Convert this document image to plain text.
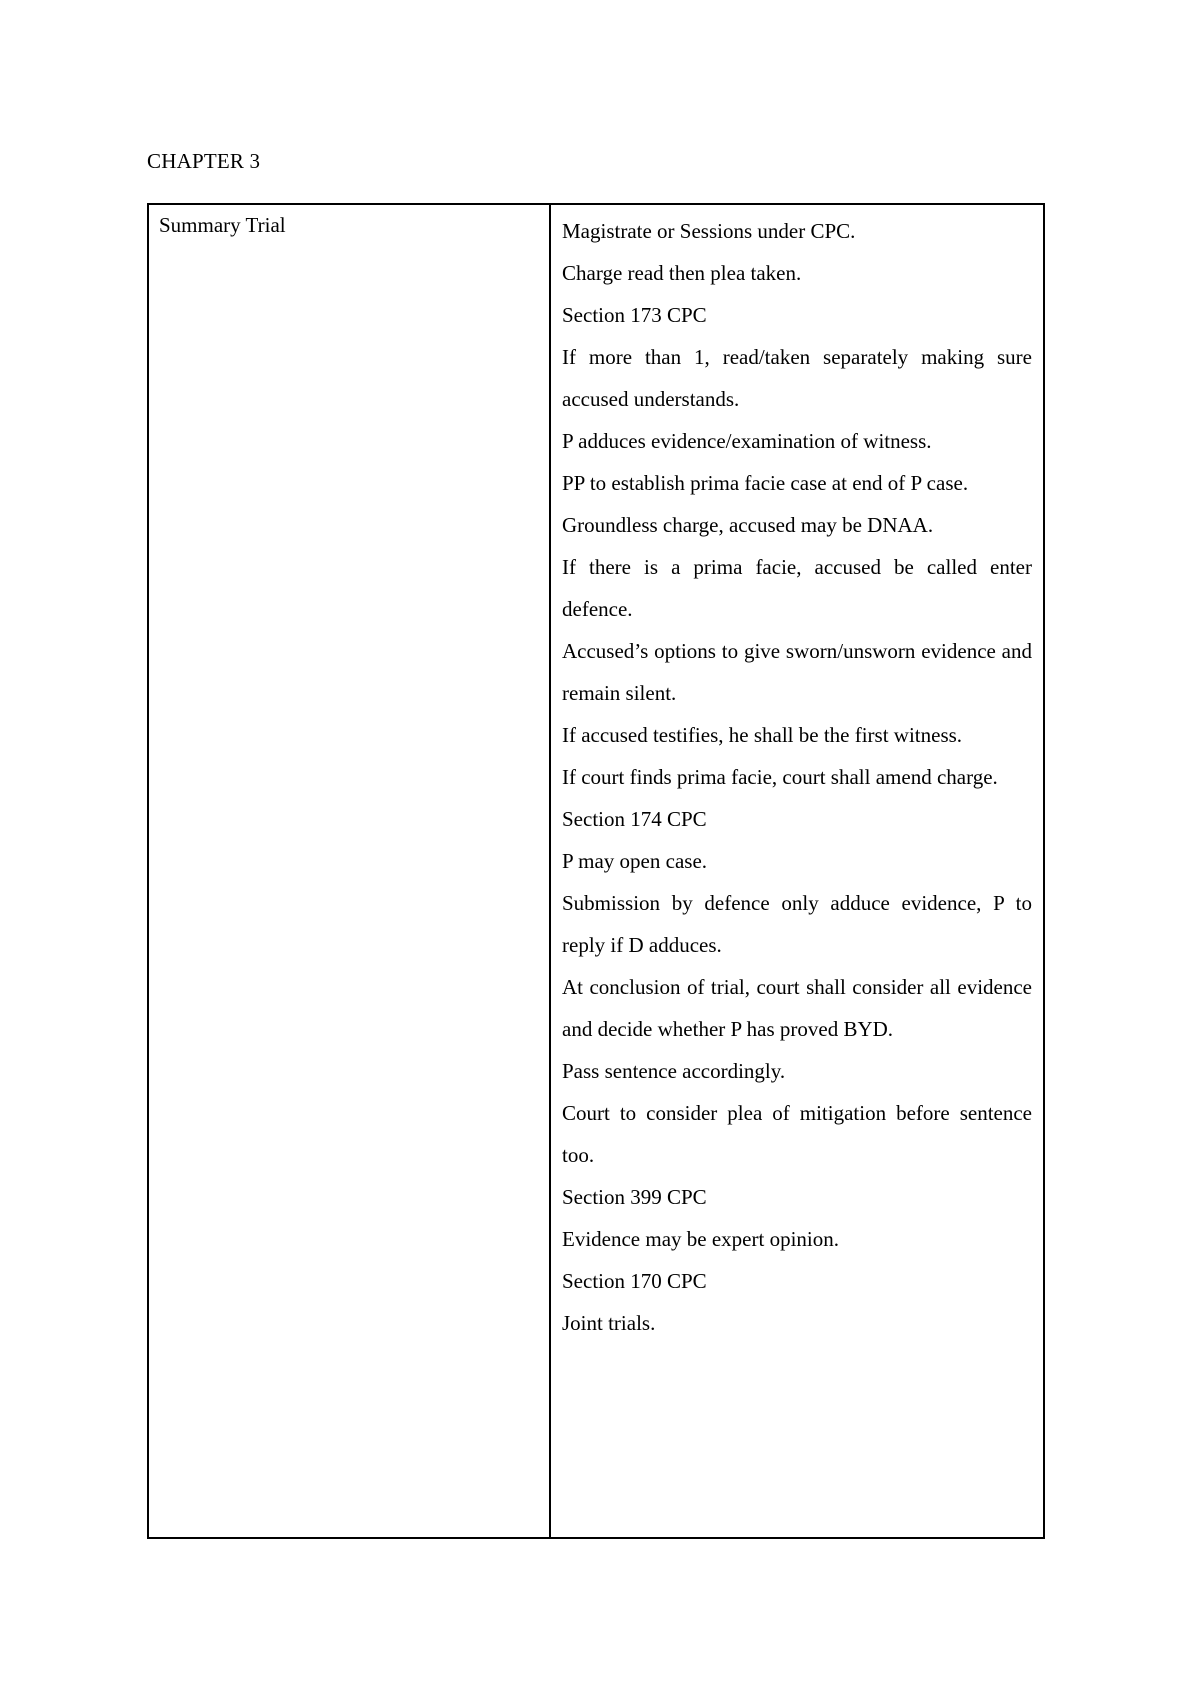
CHAPTER 3
Summary Trial	Magistrate or Sessions under CPC.
Charge read then plea taken.
Section 173 CPC
If more than 1, read/taken separately making sure accused understands.
P adduces evidence/examination of witness.
PP to establish prima facie case at end of P case.
Groundless charge, accused may be DNAA.
If there is a prima facie, accused be called enter defence.
Accused’s options to give sworn/unsworn evidence and remain silent.
If accused testifies, he shall be the first witness.
If court finds prima facie, court shall amend charge.
Section 174 CPC
P may open case.
Submission by defence only adduce evidence, P to reply if D adduces.
At conclusion of trial, court shall consider all evidence and decide whether P has proved BYD.
Pass sentence accordingly.
Court to consider plea of mitigation before sentence too.
Section 399 CPC
Evidence may be expert opinion.
Section 170 CPC
Joint trials.
